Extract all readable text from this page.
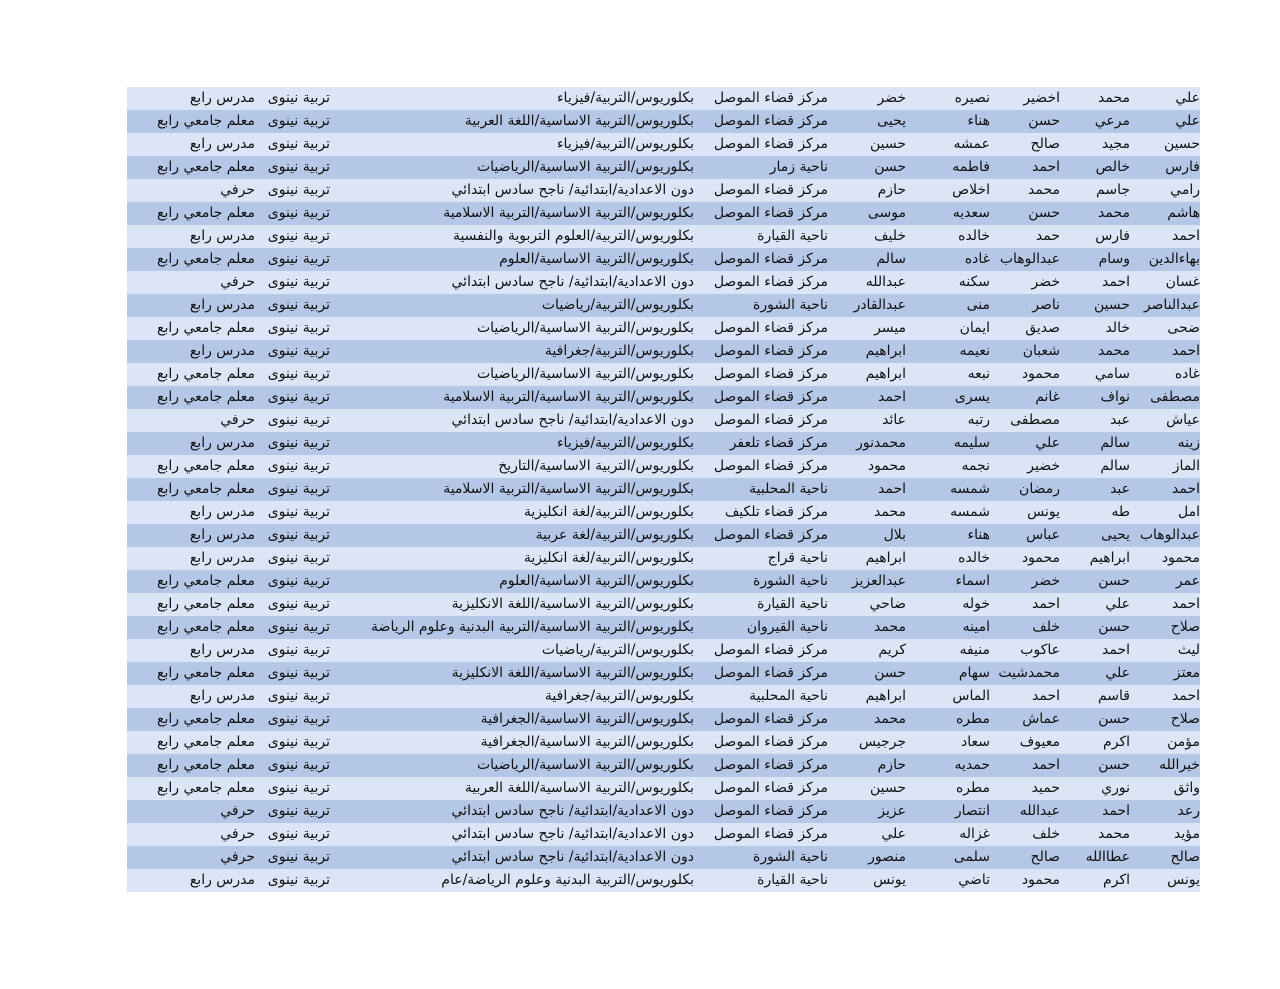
علي
محمد
اخضير
نصيره
خضر
مركز قضاء الموصل
بكلوريوس/التربية/فيزياء
تربية نينوى
مدرس رابع
علي
مرعي
حسن
هناء
يحيى
مركز قضاء الموصل
بكلوريوس/التربية الاساسية/اللغة العربية
تربية نينوى
معلم جامعي رابع
حسين
مجيد
صالح
عمشه
حسين
مركز قضاء الموصل
بكلوريوس/التربية/فيزياء
تربية نينوى
مدرس رابع
فارس
خالص
احمد
فاطمه
حسن
ناحية زمار
بكلوريوس/التربية الاساسية/الرياضيات
تربية نينوى
معلم جامعي رابع
رامي
جاسم
محمد
اخلاص
حازم
مركز قضاء الموصل
دون الاعدادية/ابتدائية/ ناجح سادس ابتدائي
تربية نينوى
حرفي
هاشم
محمد
حسن
سعديه
موسى
مركز قضاء الموصل
بكلوريوس/التربية الاساسية/التربية الاسلامية
تربية نينوى
معلم جامعي رابع
احمد
فارس
حمد
خالده
خليف
ناحية القيارة
بكلوريوس/التربية/العلوم التربوية والنفسية
تربية نينوى
مدرس رابع
بهاءالدين
وسام
عبدالوهاب
غاده
سالم
مركز قضاء الموصل
بكلوريوس/التربية الاساسية/العلوم
تربية نينوى
معلم جامعي رابع
غسان
احمد
خضر
سكنه
عبدالله
مركز قضاء الموصل
دون الاعدادية/ابتدائية/ ناجح سادس ابتدائي
تربية نينوى
حرفي
عبدالناصر
حسين
ناصر
منى
عبدالقادر
ناحية الشورة
بكلوريوس/التربية/رياضيات
تربية نينوى
مدرس رابع
ضحى
خالد
صديق
ايمان
ميسر
مركز قضاء الموصل
بكلوريوس/التربية الاساسية/الرياضيات
تربية نينوى
معلم جامعي رابع
احمد
محمد
شعبان
نعيمه
ابراهيم
مركز قضاء الموصل
بكلوريوس/التربية/جغرافية
تربية نينوى
مدرس رابع
غاده
سامي
محمود
نبعه
ابراهيم
مركز قضاء الموصل
بكلوريوس/التربية الاساسية/الرياضيات
تربية نينوى
معلم جامعي رابع
مصطفى
نواف
غانم
يسرى
احمد
مركز قضاء الموصل
بكلوريوس/التربية الاساسية/التربية الاسلامية
تربية نينوى
معلم جامعي رابع
عياش
عبد
مصطفى
رتبه
عائد
مركز قضاء الموصل
دون الاعدادية/ابتدائية/ ناجح سادس ابتدائي
تربية نينوى
حرفي
زينه
سالم
علي
سليمه
محمدنور
مركز قضاء تلعفر
بكلوريوس/التربية/فيزياء
تربية نينوى
مدرس رابع
الماز
سالم
خضير
نجمه
محمود
مركز قضاء الموصل
بكلوريوس/التربية الاساسية/التاريخ
تربية نينوى
معلم جامعي رابع
احمد
عبد
رمضان
شمسه
احمد
ناحية المحلبية
بكلوريوس/التربية الاساسية/التربية الاسلامية
تربية نينوى
معلم جامعي رابع
امل
طه
يونس
شمسه
محمد
مركز قضاء تلكيف
بكلوريوس/التربية/لغة انكليزية
تربية نينوى
مدرس رابع
عبدالوهاب
يحيى
عباس
هناء
بلال
مركز قضاء الموصل
بكلوريوس/التربية/لغة عربية
تربية نينوى
مدرس رابع
محمود
ابراهيم
محمود
خالده
ابراهيم
ناحية قراج
بكلوريوس/التربية/لغة انكليزية
تربية نينوى
مدرس رابع
عمر
حسن
خضر
اسماء
عبدالعزيز
ناحية الشورة
بكلوريوس/التربية الاساسية/العلوم
تربية نينوى
معلم جامعي رابع
احمد
علي
احمد
خوله
ضاحي
ناحية القيارة
بكلوريوس/التربية الاساسية/اللغة الانكليزية
تربية نينوى
معلم جامعي رابع
صلاح
حسن
خلف
امينه
محمد
ناحية القيروان
بكلوريوس/التربية الاساسية/التربية البدنية وعلوم الرياضة
تربية نينوى
معلم جامعي رابع
ليث
احمد
عاكوب
منيفه
كريم
مركز قضاء الموصل
بكلوريوس/التربية/رياضيات
تربية نينوى
مدرس رابع
معتز
علي
محمدشيت
سهام
حسن
مركز قضاء الموصل
بكلوريوس/التربية الاساسية/اللغة الانكليزية
تربية نينوى
معلم جامعي رابع
احمد
قاسم
احمد
الماس
ابراهيم
ناحية المحلبية
بكلوريوس/التربية/جغرافية
تربية نينوى
مدرس رابع
صلاح
حسن
عماش
مطره
محمد
مركز قضاء الموصل
بكلوريوس/التربية الاساسية/الجغرافية
تربية نينوى
معلم جامعي رابع
مؤمن
اكرم
معيوف
سعاد
جرجيس
مركز قضاء الموصل
بكلوريوس/التربية الاساسية/الجغرافية
تربية نينوى
معلم جامعي رابع
خيرالله
حسن
احمد
حمديه
حازم
مركز قضاء الموصل
بكلوريوس/التربية الاساسية/الرياضيات
تربية نينوى
معلم جامعي رابع
واثق
نوري
حميد
مطره
حسين
مركز قضاء الموصل
بكلوريوس/التربية الاساسية/اللغة العربية
تربية نينوى
معلم جامعي رابع
رعد
احمد
عبدالله
انتصار
عزيز
مركز قضاء الموصل
دون الاعدادية/ابتدائية/ ناجح سادس ابتدائي
تربية نينوى
حرفي
مؤيد
محمد
خلف
غزاله
علي
مركز قضاء الموصل
دون الاعدادية/ابتدائية/ ناجح سادس ابتدائي
تربية نينوى
حرفي
صالح
عطاالله
صالح
سلمى
منصور
ناحية الشورة
دون الاعدادية/ابتدائية/ ناجح سادس ابتدائي
تربية نينوى
حرفي
يونس
اكرم
محمود
تاضي
يونس
ناحية القيارة
بكلوريوس/التربية البدنية وعلوم الرياضة/عام
تربية نينوى
مدرس رابع
